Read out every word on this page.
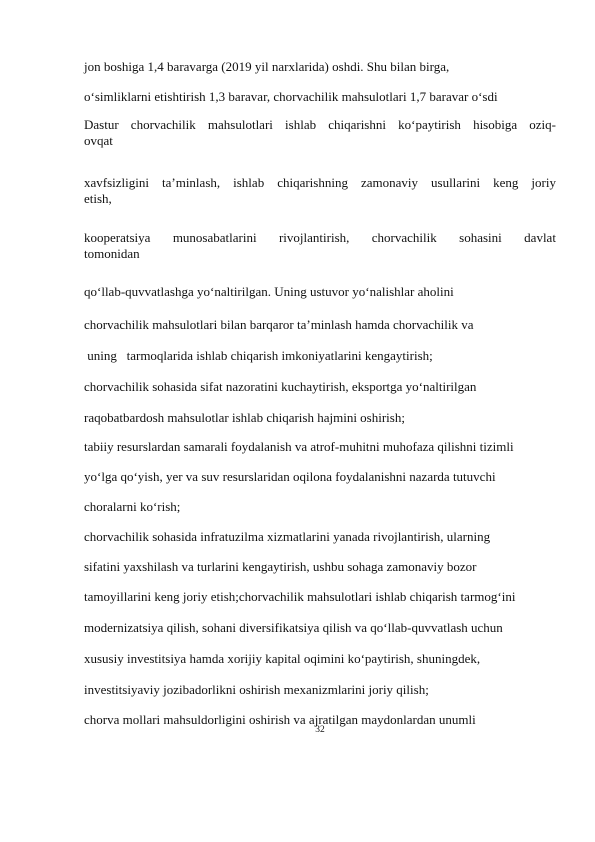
jon boshiga 1,4 baravarga (2019 yil narxlarida) oshdi. Shu bilan birga,
o‘simliklarni etishtirish 1,3 baravar, chorvachilik mahsulotlari 1,7 baravar o‘sdi
Dastur chorvachilik mahsulotlari ishlab chiqarishni ko‘paytirish hisobiga oziq-
ovqat
xavfsizligini ta’minlash, ishlab chiqarishning zamonaviy usullarini keng joriy
etish,
kooperatsiya munosabatlarini rivojlantirish, chorvachilik sohasini davlat
tomonidan
qo‘llab-quvvatlashga yo‘naltirilgan. Uning ustuvor yo‘nalishlar aholini
chorvachilik mahsulotlari bilan barqaror ta’minlash hamda chorvachilik va
uning   tarmoqlarida ishlab chiqarish imkoniyatlarini kengaytirish;
chorvachilik sohasida sifat nazoratini kuchaytirish, eksportga yo‘naltirilgan
raqobatbardosh mahsulotlar ishlab chiqarish hajmini oshirish;
tabiiy resurslardan samarali foydalanish va atrof-muhitni muhofaza qilishni tizimli
yo‘lga qo‘yish, yer va suv resurslaridan oqilona foydalanishni nazarda tutuvchi
choralarni ko‘rish;
chorvachilik sohasida infratuzilma xizmatlarini yanada rivojlantirish, ularning
sifatini yaxshilash va turlarini kengaytirish, ushbu sohaga zamonaviy bozor
tamoyillarini keng joriy etish;chorvachilik mahsulotlari ishlab chiqarish tarmog‘ini
modernizatsiya qilish, sohani diversifikatsiya qilish va qo‘llab-quvvatlash uchun
xususiy investitsiya hamda xorijiy kapital oqimini ko‘paytirish, shuningdek,
investitsiyaviy jozibadorlikni oshirish mexanizmlarini joriy qilish;
chorva mollari mahsuldorligini oshirish va ajratilgan maydonlardan unumli
32
